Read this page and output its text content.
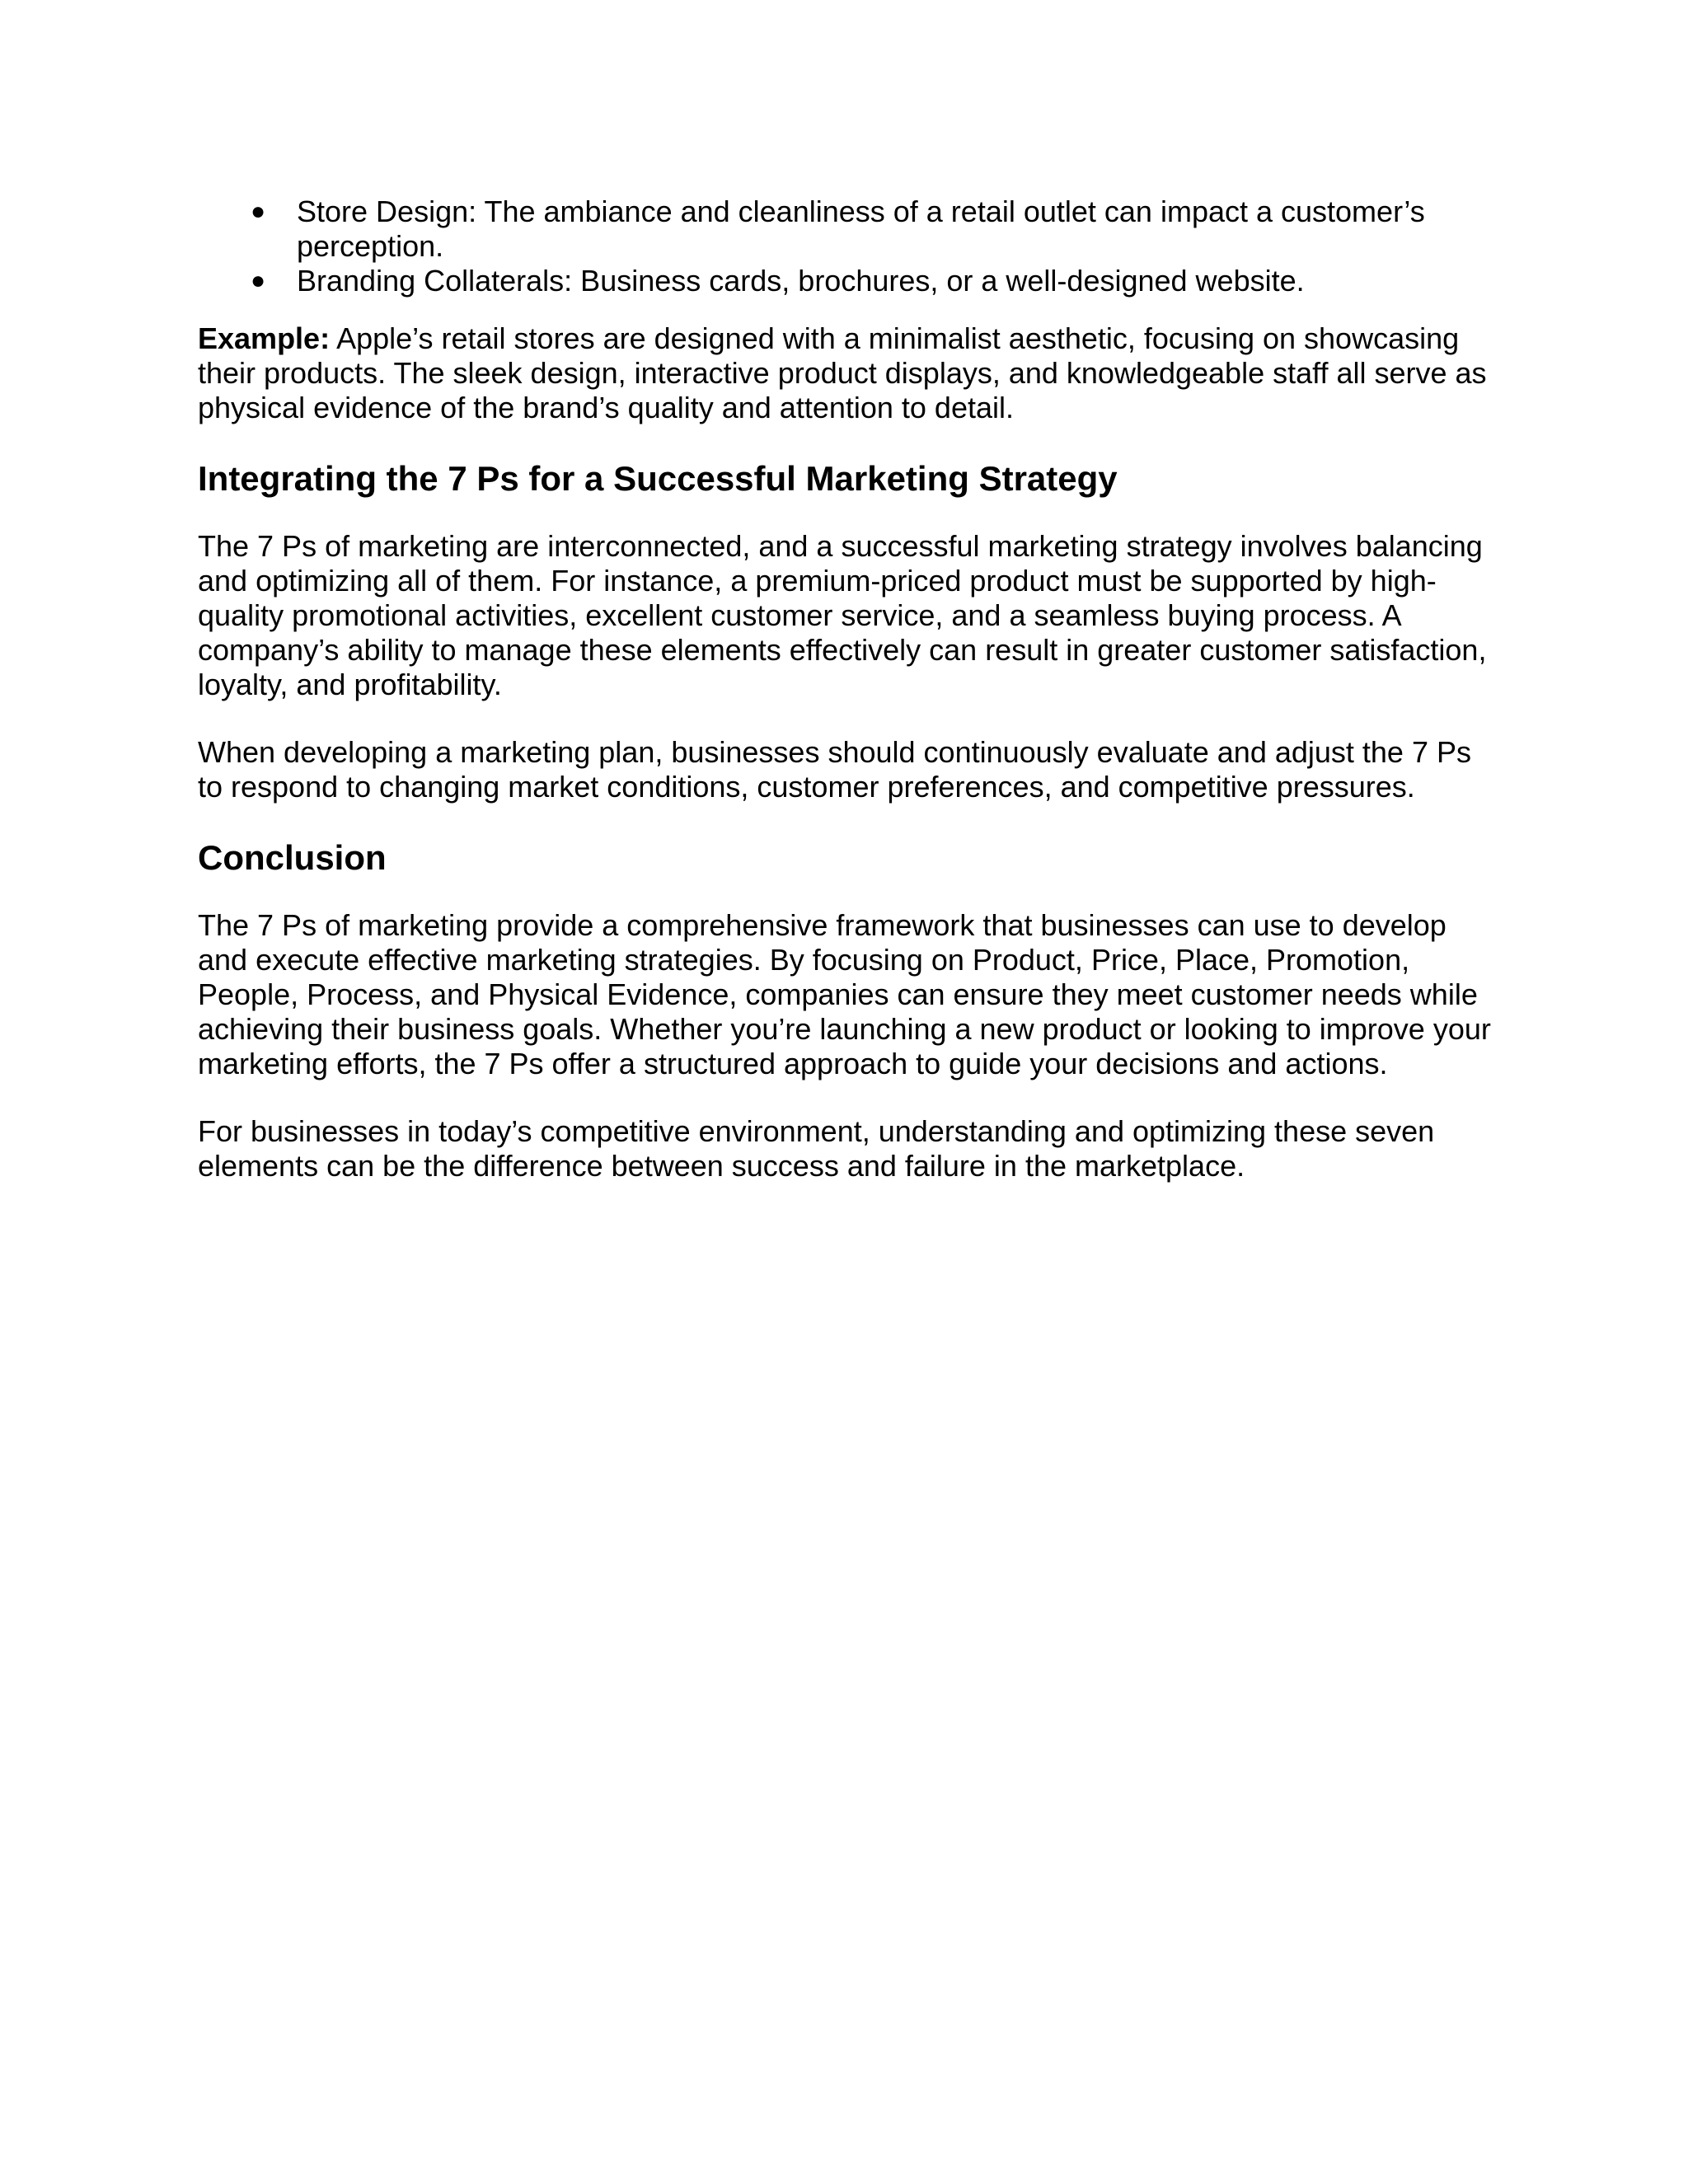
● Store Design: The ambiance and cleanliness of a retail outlet can impact a customer’s perception.
● Branding Collaterals: Business cards, brochures, or a well-designed website.

Example: Apple’s retail stores are designed with a minimalist aesthetic, focusing on showcasing their products. The sleek design, interactive product displays, and knowledgeable staff all serve as physical evidence of the brand’s quality and attention to detail.

Integrating the 7 Ps for a Successful Marketing Strategy

The 7 Ps of marketing are interconnected, and a successful marketing strategy involves balancing and optimizing all of them. For instance, a premium-priced product must be supported by high-quality promotional activities, excellent customer service, and a seamless buying process. A company’s ability to manage these elements effectively can result in greater customer satisfaction, loyalty, and profitability.

When developing a marketing plan, businesses should continuously evaluate and adjust the 7 Ps to respond to changing market conditions, customer preferences, and competitive pressures.

Conclusion

The 7 Ps of marketing provide a comprehensive framework that businesses can use to develop and execute effective marketing strategies. By focusing on Product, Price, Place, Promotion, People, Process, and Physical Evidence, companies can ensure they meet customer needs while achieving their business goals. Whether you’re launching a new product or looking to improve your marketing efforts, the 7 Ps offer a structured approach to guide your decisions and actions.

For businesses in today’s competitive environment, understanding and optimizing these seven elements can be the difference between success and failure in the marketplace.
